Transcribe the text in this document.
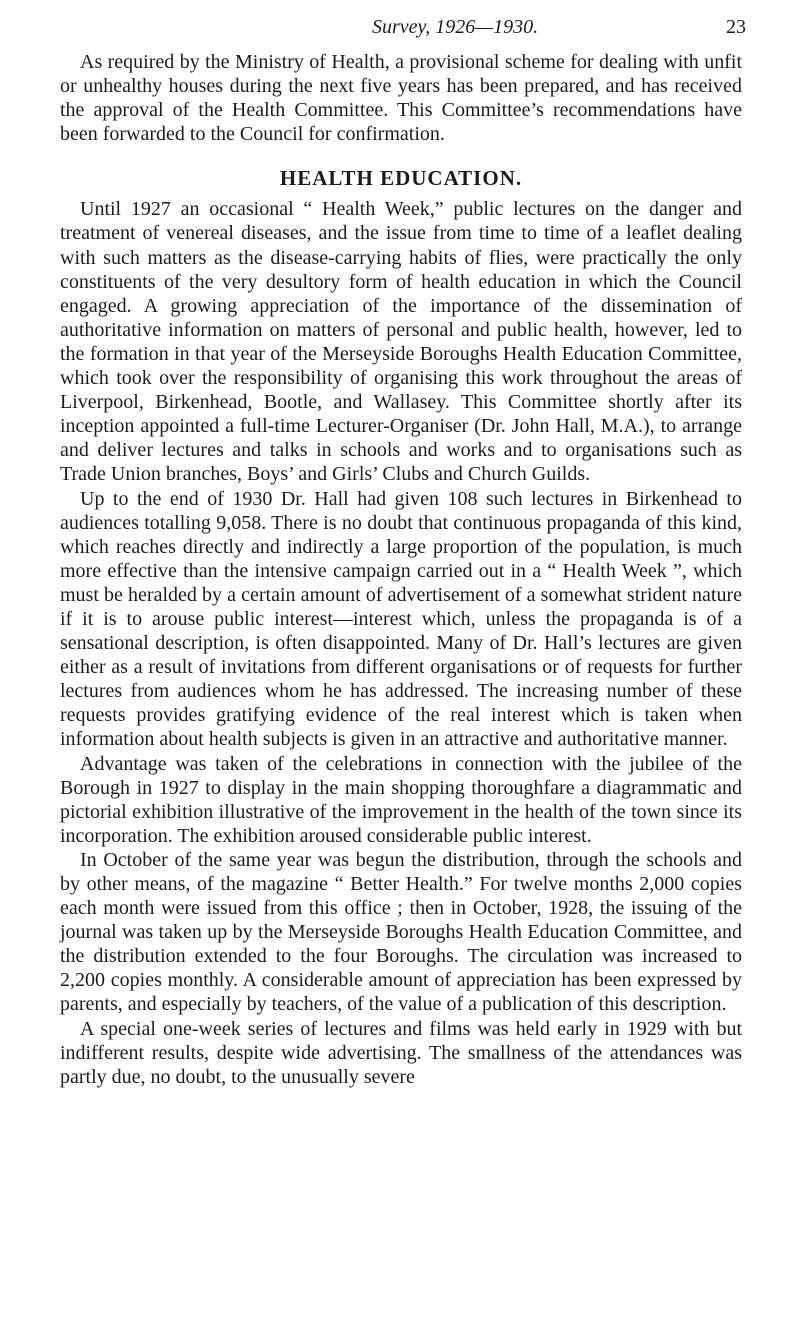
Survey, 1926—1930.	23

As required by the Ministry of Health, a provisional scheme for dealing with unfit or unhealthy houses during the next five years has been prepared, and has received the approval of the Health Committee. This Committee’s recommendations have been forwarded to the Council for confirmation.

HEALTH EDUCATION.

Until 1927 an occasional “ Health Week,” public lectures on the danger and treatment of venereal diseases, and the issue from time to time of a leaflet dealing with such matters as the disease-carrying habits of flies, were practically the only constituents of the very desultory form of health education in which the Council engaged. A growing appreciation of the importance of the dissemination of authoritative information on matters of personal and public health, however, led to the formation in that year of the Merseyside Boroughs Health Education Committee, which took over the responsibility of organising this work throughout the areas of Liverpool, Birkenhead, Bootle, and Wallasey. This Committee shortly after its inception appointed a full-time Lecturer-Organiser (Dr. John Hall, M.A.), to arrange and deliver lectures and talks in schools and works and to organisations such as Trade Union branches, Boys’ and Girls’ Clubs and Church Guilds.

Up to the end of 1930 Dr. Hall had given 108 such lectures in Birkenhead to audiences totalling 9,058. There is no doubt that continuous propaganda of this kind, which reaches directly and indirectly a large proportion of the population, is much more effective than the intensive campaign carried out in a “ Health Week ”, which must be heralded by a certain amount of advertisement of a somewhat strident nature if it is to arouse public interest—interest which, unless the propaganda is of a sensational description, is often disappointed. Many of Dr. Hall’s lectures are given either as a result of invitations from different organisations or of requests for further lectures from audiences whom he has addressed. The increasing number of these requests provides gratifying evidence of the real interest which is taken when information about health subjects is given in an attractive and authoritative manner.

Advantage was taken of the celebrations in connection with the jubilee of the Borough in 1927 to display in the main shopping thoroughfare a diagrammatic and pictorial exhibition illustrative of the improvement in the health of the town since its incorporation. The exhibition aroused considerable public interest.

In October of the same year was begun the distribution, through the schools and by other means, of the magazine “ Better Health.” For twelve months 2,000 copies each month were issued from this office ; then in October, 1928, the issuing of the journal was taken up by the Merseyside Boroughs Health Education Committee, and the distribution extended to the four Boroughs. The circulation was increased to 2,200 copies monthly. A considerable amount of appreciation has been expressed by parents, and especially by teachers, of the value of a publication of this description.

A special one-week series of lectures and films was held early in 1929 with but indifferent results, despite wide advertising. The smallness of the attendances was partly due, no doubt, to the unusually severe
